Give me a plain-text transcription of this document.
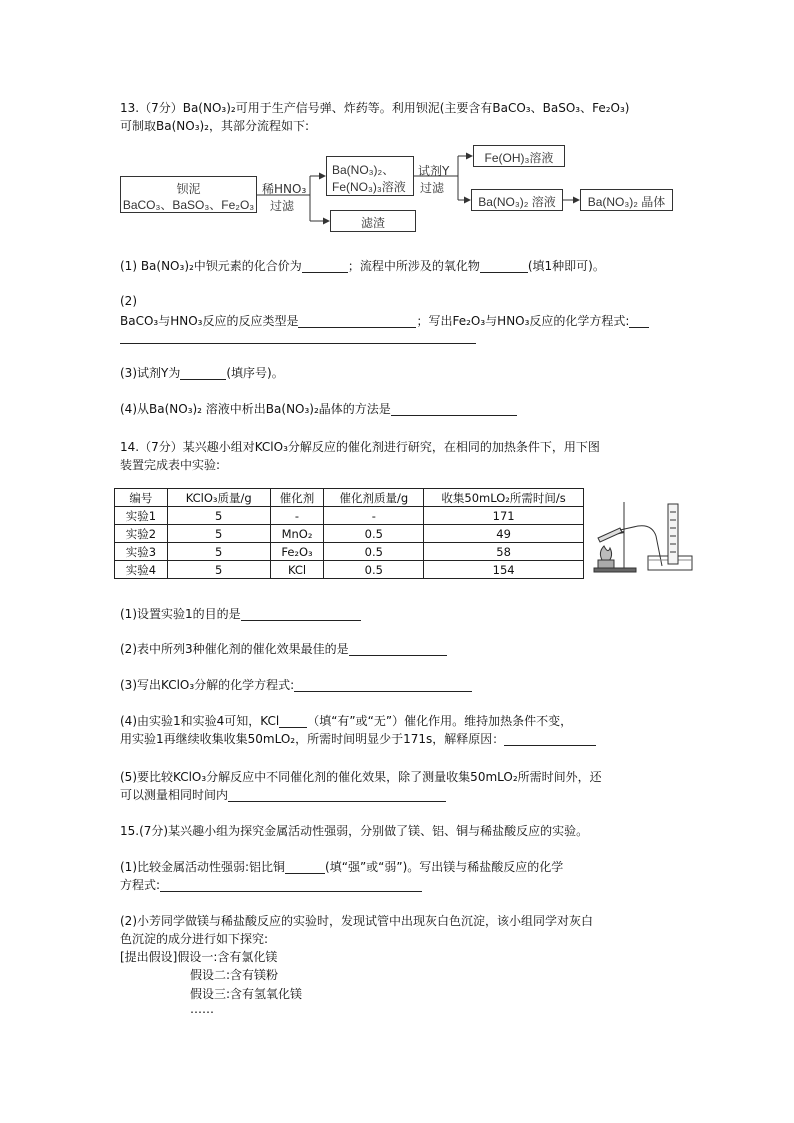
13.（7分）Ba(NO₃)₂可用于生产信号弹、炸药等。利用钡泥(主要含有BaCO₃、BaSO₃、Fe₂O₃)
可制取Ba(NO₃)₂，其部分流程如下:
钡泥
BaCO₃、BaSO₃、Fe₂O₃
稀HNO₃
过滤
Ba(NO₃)₂、
Fe(NO₃)₃溶液
滤渣
试剂Y
过滤
Fe(OH)₃溶液
Ba(NO₃)₂ 溶液	Ba(NO₃)₂ 晶体
(1) Ba(NO₃)₂中钡元素的化合价为	；流程中所涉及的氧化物	(填1种即可)。
(2)
BaCO₃与HNO₃反应的反应类型是	；写出Fe₂O₃与HNO₃反应的化学方程式:
(3)试剂Y为	(填序号)。
(4)从Ba(NO₃)₂ 溶液中析出Ba(NO₃)₂晶体的方法是
14.（7分）某兴趣小组对KClO₃分解反应的催化剂进行研究，在相同的加热条件下，用下图
装置完成表中实验:
编号	KClO₃质量/g	催化剂	催化剂质量/g	收集50mLO₂所需时间/s
实验1	5	-	-	171
实验2	5	MnO₂	0.5	49
实验3	5	Fe₂O₃	0.5	58
实验4	5	KCl	0.5	154
(1)设置实验1的目的是
(2)表中所列3种催化剂的催化效果最佳的是
(3)写出KClO₃分解的化学方程式:
(4)由实验1和实验4可知，KCl （填“有”或“无”）催化作用。维持加热条件不变，
用实验1再继续收集收集50mLO₂，所需时间明显少于171s，解释原因：
(5)要比较KClO₃分解反应中不同催化剂的催化效果，除了测量收集50mLO₂所需时间外，还
可以测量相同时间内
15.(7分)某兴趣小组为探究金属活动性强弱，分别做了镁、铝、铜与稀盐酸反应的实验。
(1)比较金属活动性强弱:铝比铜	(填“强”或“弱”)。写出镁与稀盐酸反应的化学
方程式:
(2)小芳同学做镁与稀盐酸反应的实验时，发现试管中出现灰白色沉淀，该小组同学对灰白
色沉淀的成分进行如下探究:
[提出假设]假设一:含有氯化镁
假设二:含有镁粉
假设三:含有氢氧化镁
……
